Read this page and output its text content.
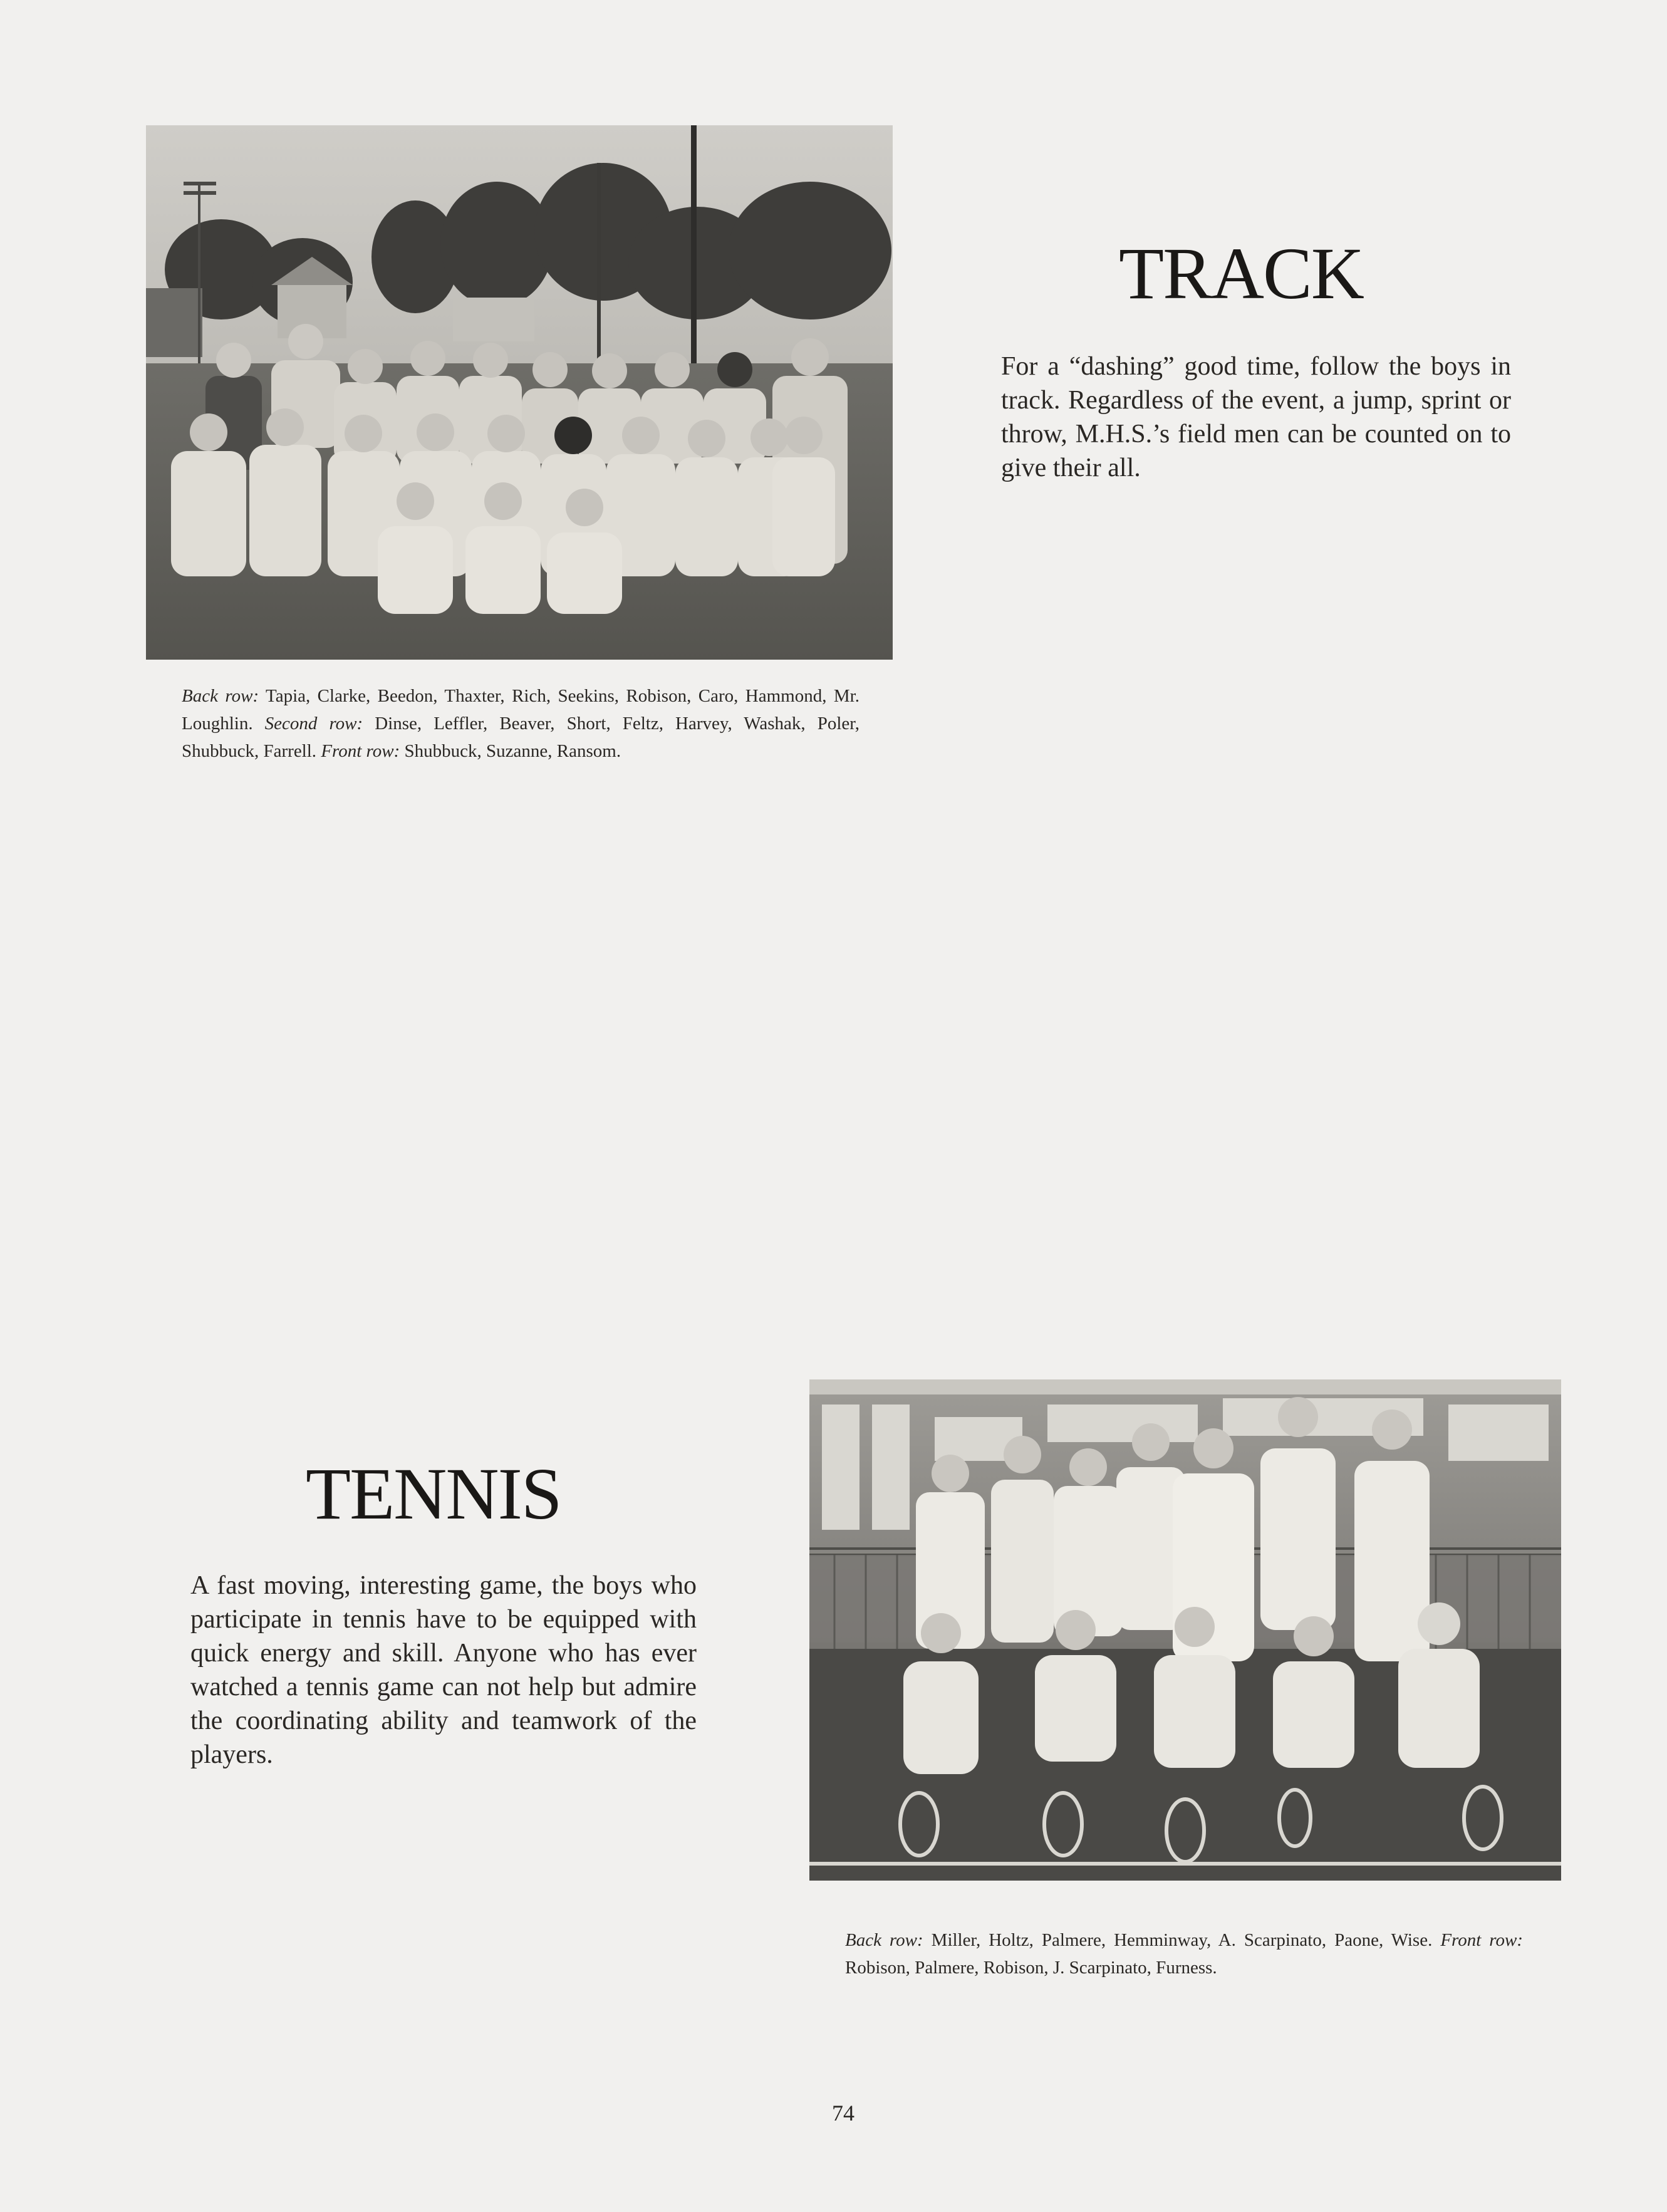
TRACK

For a “dashing” good time, follow the boys in track. Regardless of the event, a jump, sprint or throw, M.H.S.’s field men can be counted on to give their all.

Back row: Tapia, Clarke, Beedon, Thaxter, Rich, Seekins, Robison, Caro, Hammond, Mr. Loughlin. Second row: Dinse, Leffler, Beaver, Short, Feltz, Harvey, Washak, Poler, Shubbuck, Farrell. Front row: Shubbuck, Suzanne, Ransom.

TENNIS

A fast moving, interesting game, the boys who participate in tennis have to be equipped with quick energy and skill. Anyone who has ever watched a tennis game can not help but admire the coordinating ability and teamwork of the players.

Back row: Miller, Holtz, Palmere, Hemminway, A. Scarpinato, Paone, Wise. Front row: Robison, Palmere, Robison, J. Scarpinato, Furness.

74
